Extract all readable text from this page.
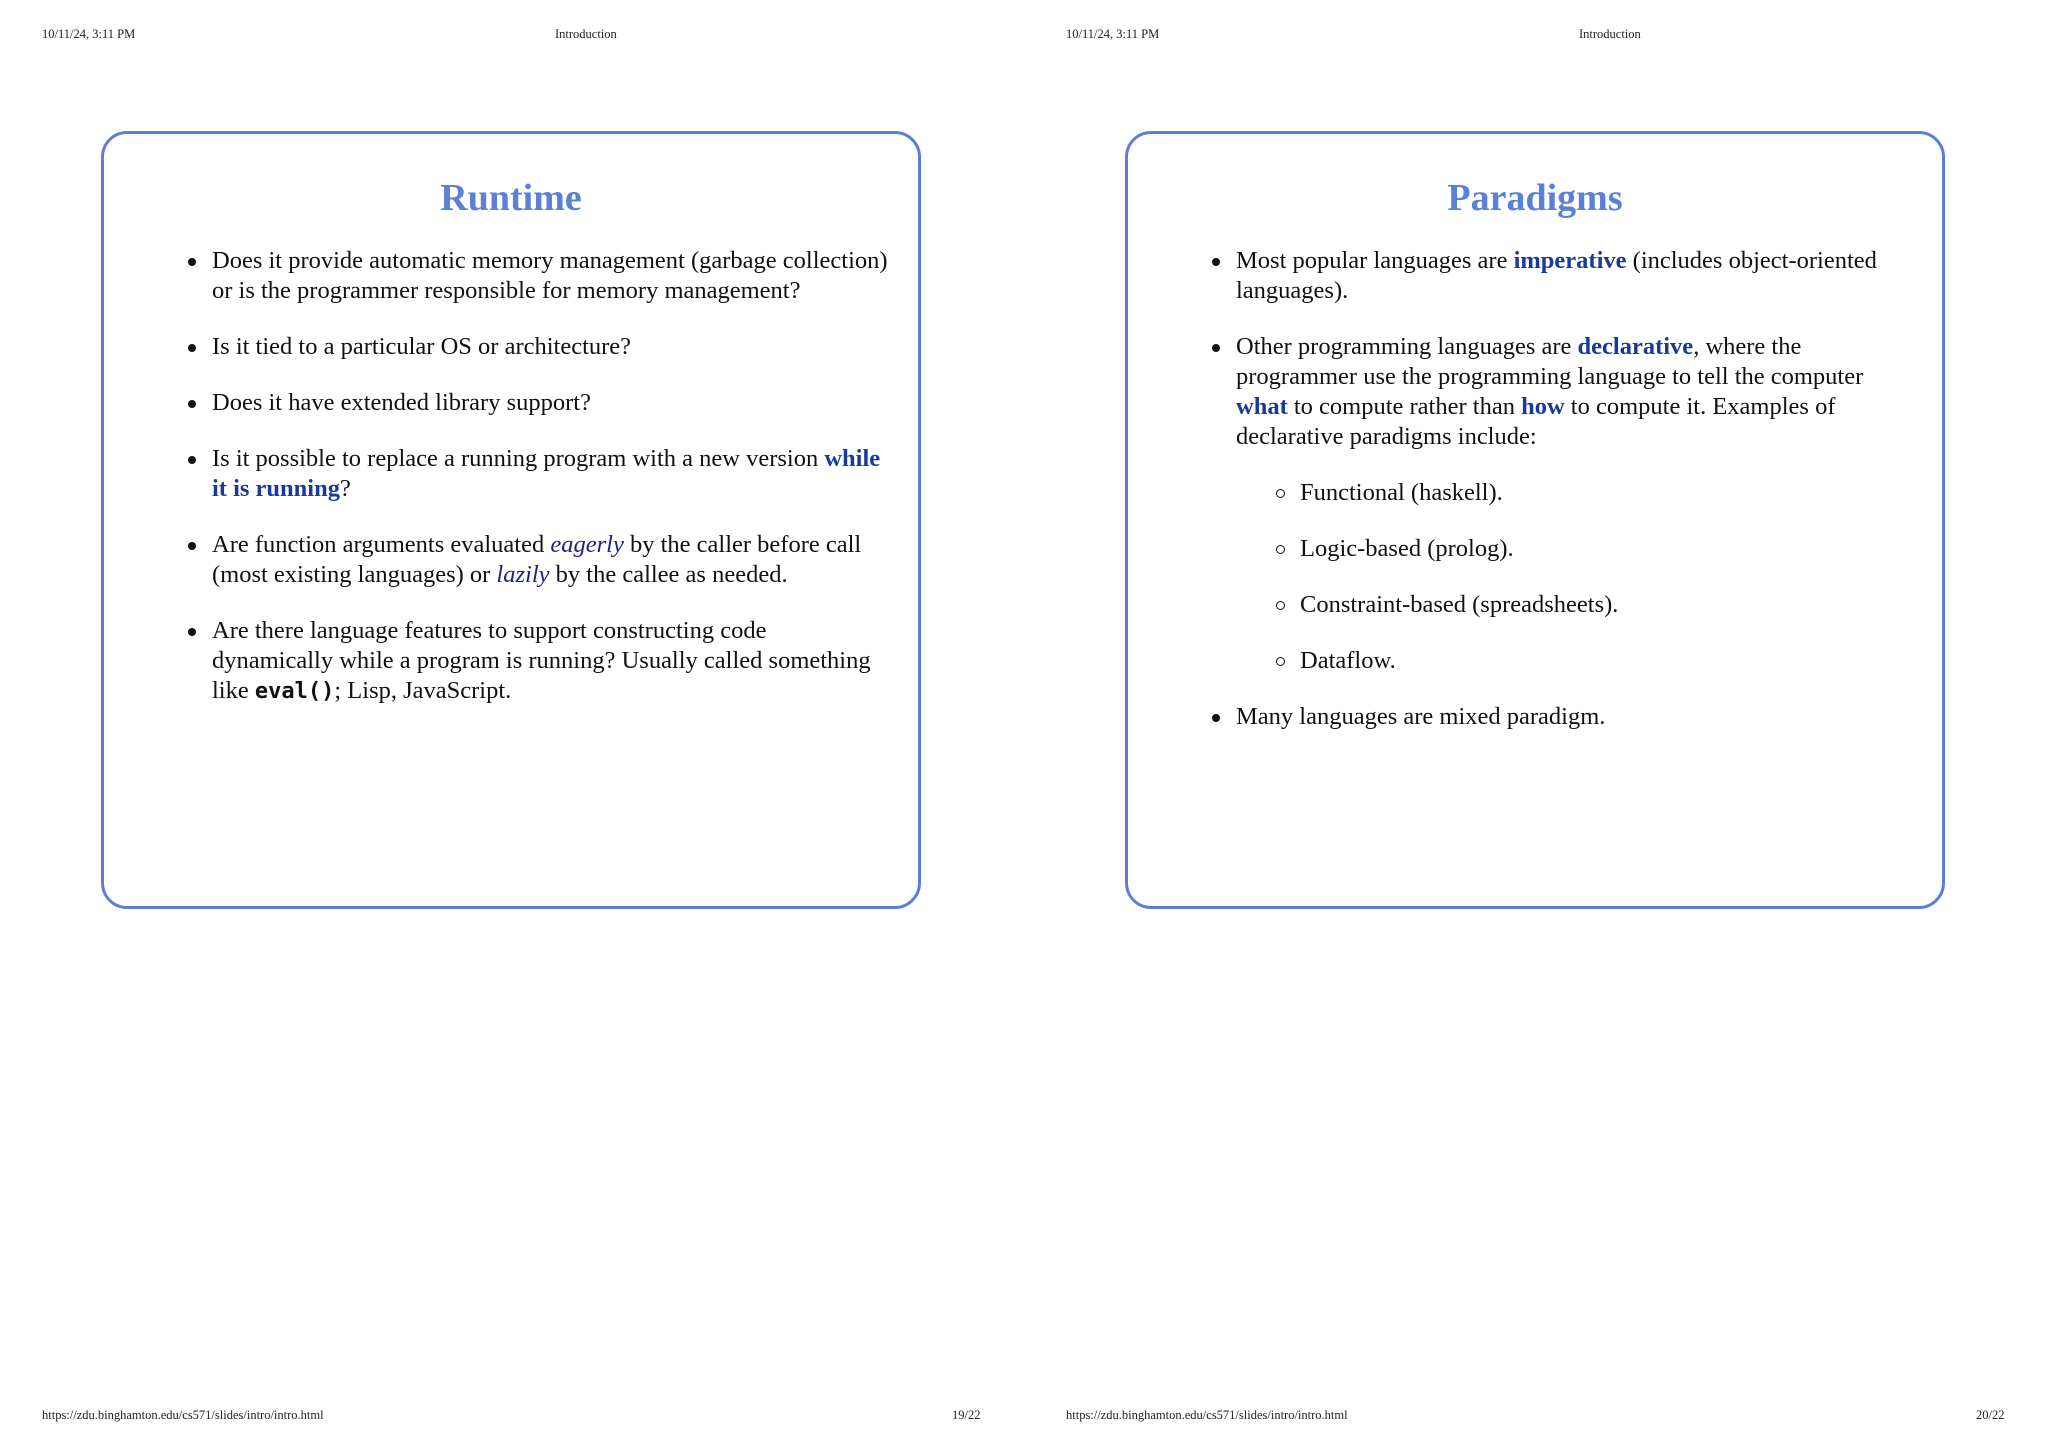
10/11/24, 3:11 PM	Introduction
Runtime
Does it provide automatic memory management (garbage collection) or is the programmer responsible for memory management?
Is it tied to a particular OS or architecture?
Does it have extended library support?
Is it possible to replace a running program with a new version while it is running?
Are function arguments evaluated eagerly by the caller before call (most existing languages) or lazily by the callee as needed.
Are there language features to support constructing code dynamically while a program is running? Usually called something like eval(); Lisp, JavaScript.
https://zdu.binghamton.edu/cs571/slides/intro/intro.html	19/22
10/11/24, 3:11 PM	Introduction
Paradigms
Most popular languages are imperative (includes object-oriented languages).
Other programming languages are declarative, where the programmer use the programming language to tell the computer what to compute rather than how to compute it. Examples of declarative paradigms include:
Functional (haskell).
Logic-based (prolog).
Constraint-based (spreadsheets).
Dataflow.
Many languages are mixed paradigm.
https://zdu.binghamton.edu/cs571/slides/intro/intro.html	20/22
